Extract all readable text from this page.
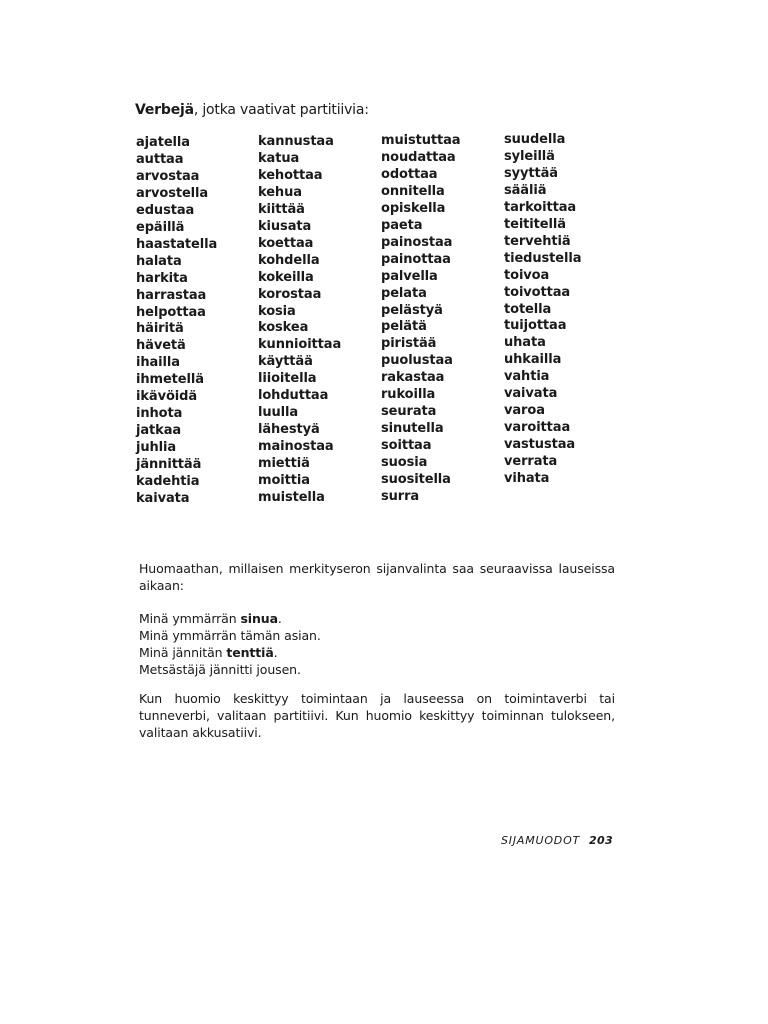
Verbejä, jotka vaativat partitiivia:
ajatella
auttaa
arvostaa
arvostella
edustaa
epäillä
haastatella
halata
harkita
harrastaa
helpottaa
häiritä
hävetä
ihailla
ihmetellä
ikävöidä
inhota
jatkaa
juhlia
jännittää
kadehtia
kaivata
kannustaa
katua
kehottaa
kehua
kiittää
kiusata
koettaa
kohdella
kokeilla
korostaa
kosia
koskea
kunnioittaa
käyttää
liioitella
lohduttaa
luulla
lähestyä
mainostaa
miettiä
moittia
muistella
muistuttaa
noudattaa
odottaa
onnitella
opiskella
paeta
painostaa
painottaa
palvella
pelata
pelästyä
pelätä
piristää
puolustaa
rakastaa
rukoilla
seurata
sinutella
soittaa
suosia
suositella
surra
suudella
syleillä
syyttää
sääliä
tarkoittaa
teititellä
tervehtiä
tiedustella
toivoa
toivottaa
totella
tuijottaa
uhata
uhkailla
vahtia
vaivata
varoa
varoittaa
vastustaa
verrata
vihata
Huomaathan, millaisen merkityseron sijanvalinta saa seuraavissa lauseissa aikaan:
Minä ymmärrän sinua.
Minä ymmärrän tämän asian.
Minä jännitän tenttiä.
Metsästäjä jännitti jousen.
Kun huomio keskittyy toimintaan ja lauseessa on toimintaverbi tai tunneverbi, valitaan partitiivi. Kun huomio keskittyy toiminnan tulokseen, valitaan akkusatiivi.
SIJAMUODOT 203
